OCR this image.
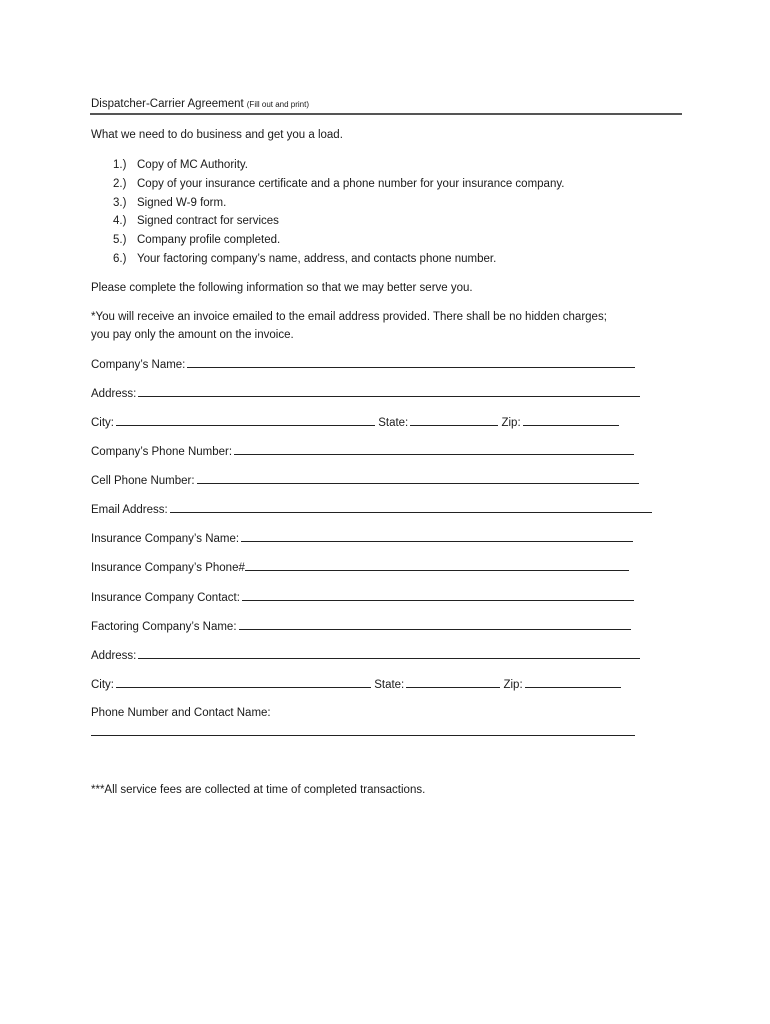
Dispatcher-Carrier Agreement (Fill out and print)
What we need to do business and get you a load.
1.) Copy of MC Authority.
2.) Copy of your insurance certificate and a phone number for your insurance company.
3.) Signed W-9 form.
4.) Signed contract for services
5.) Company profile completed.
6.) Your factoring company’s name, address, and contacts phone number.
Please complete the following information so that we may better serve you.
*You will receive an invoice emailed to the email address provided. There shall be no hidden charges;
you pay only the amount on the invoice.
Company’s Name:
Address:
City:	State:	Zip:
Company’s Phone Number:
Cell Phone Number:
Email Address:
Insurance Company’s Name:
Insurance Company’s Phone#
Insurance Company Contact:
Factoring Company’s Name:
Address:
City:	State:	Zip:
Phone Number and Contact Name:
***All service fees are collected at time of completed transactions.
